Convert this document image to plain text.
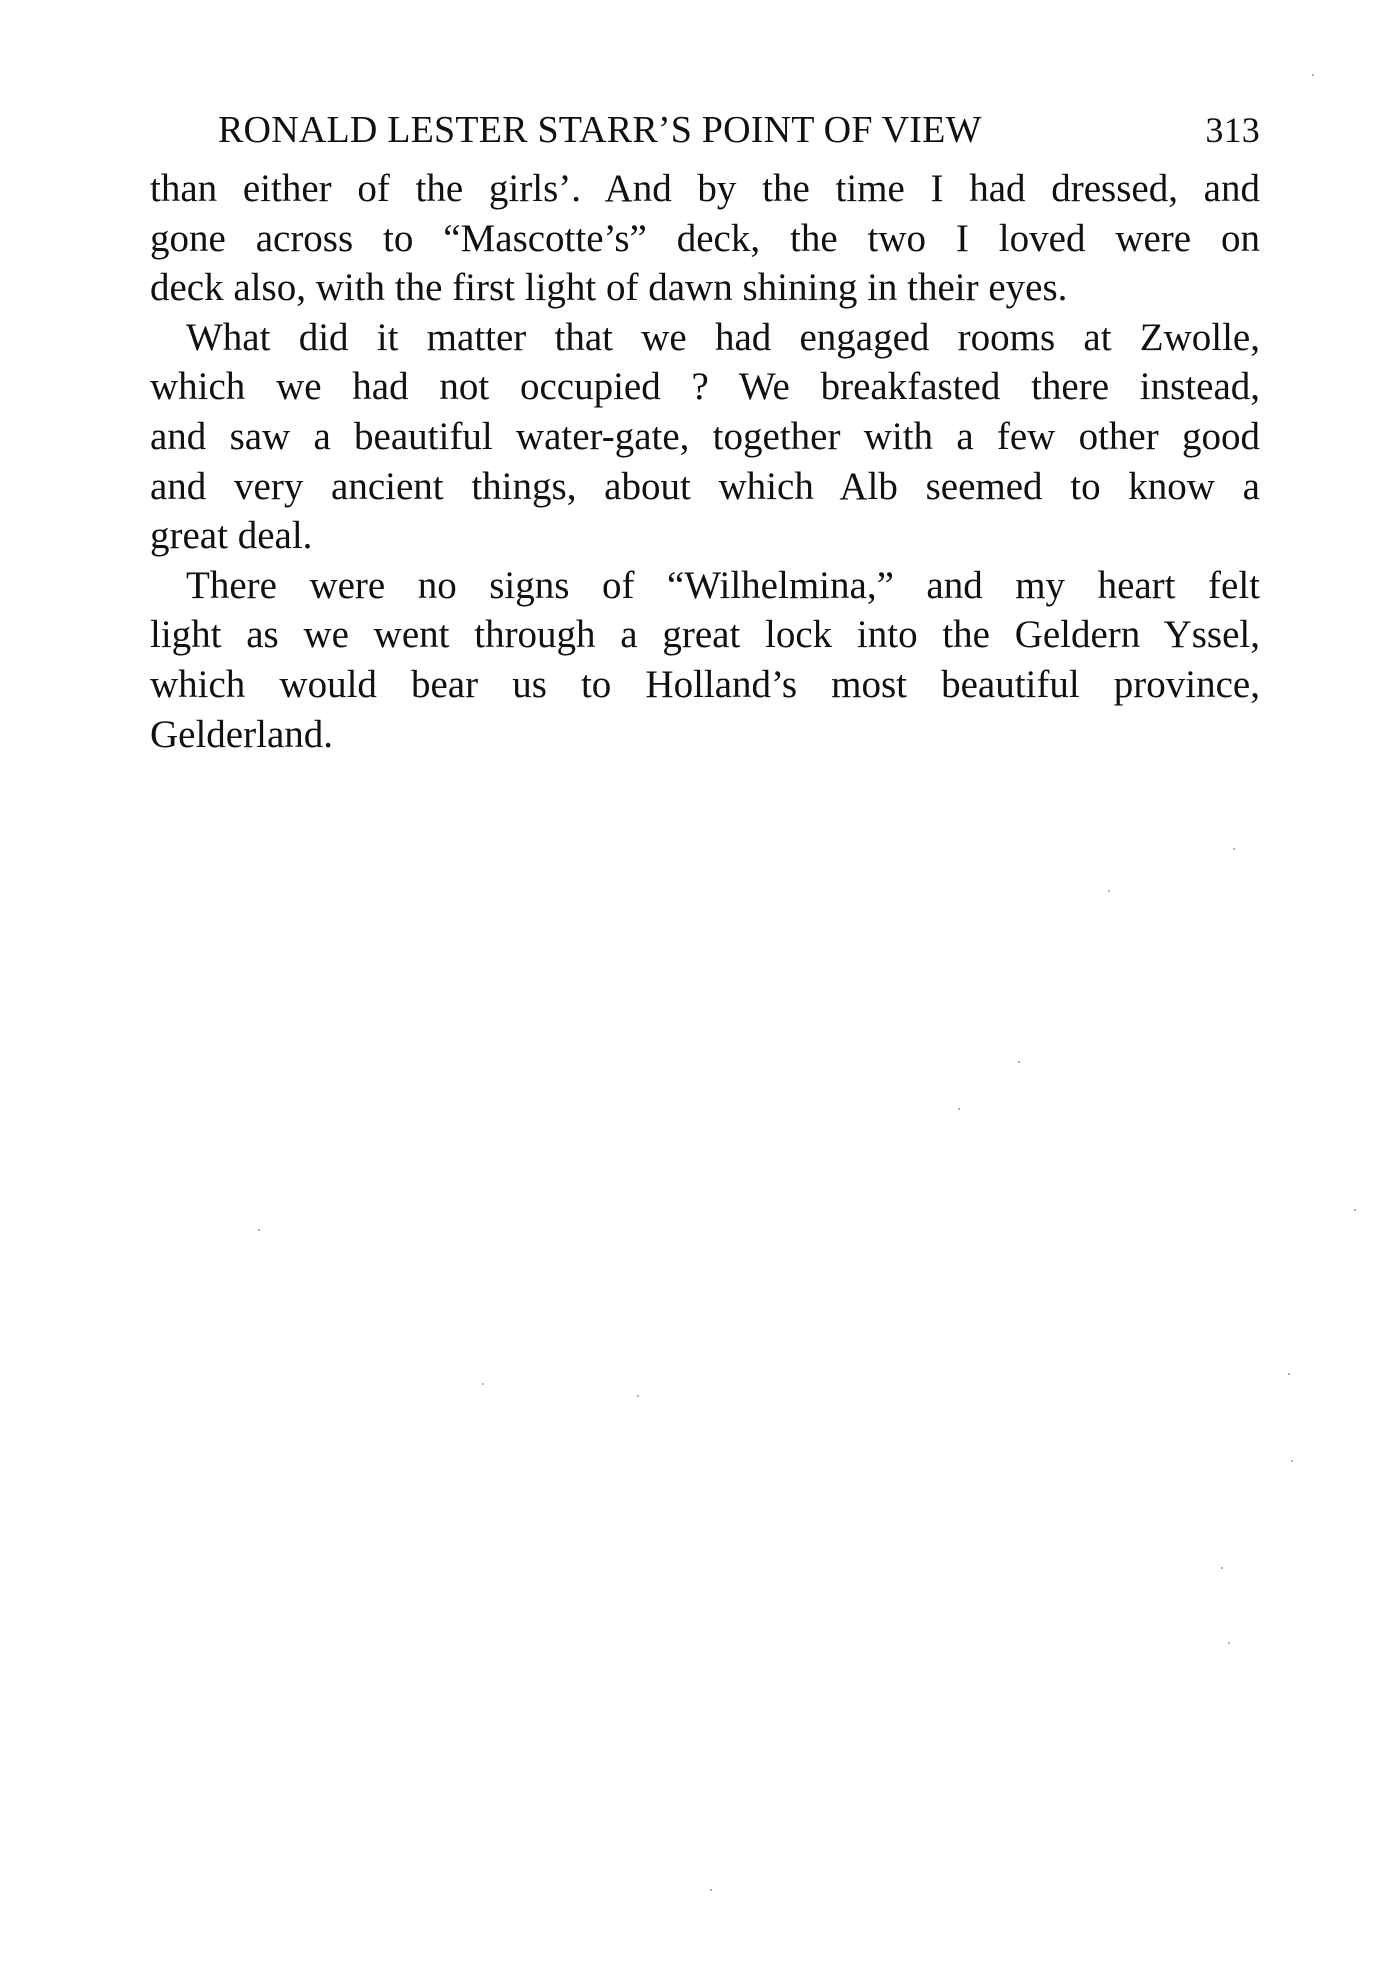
RONALD LESTER STARR’S POINT OF VIEW	313
than either of the girls’. And by the time I had dressed, and
gone across to “Mascotte’s” deck, the two I loved were on
deck also, with the first light of dawn shining in their eyes.
What did it matter that we had engaged rooms at Zwolle,
which we had not occupied ? We breakfasted there instead,
and saw a beautiful water-gate, together with a few other good
and very ancient things, about which Alb seemed to know a
great deal.
There were no signs of “Wilhelmina,” and my heart felt
light as we went through a great lock into the Geldern Yssel,
which would bear us to Holland’s most beautiful province,
Gelderland.
